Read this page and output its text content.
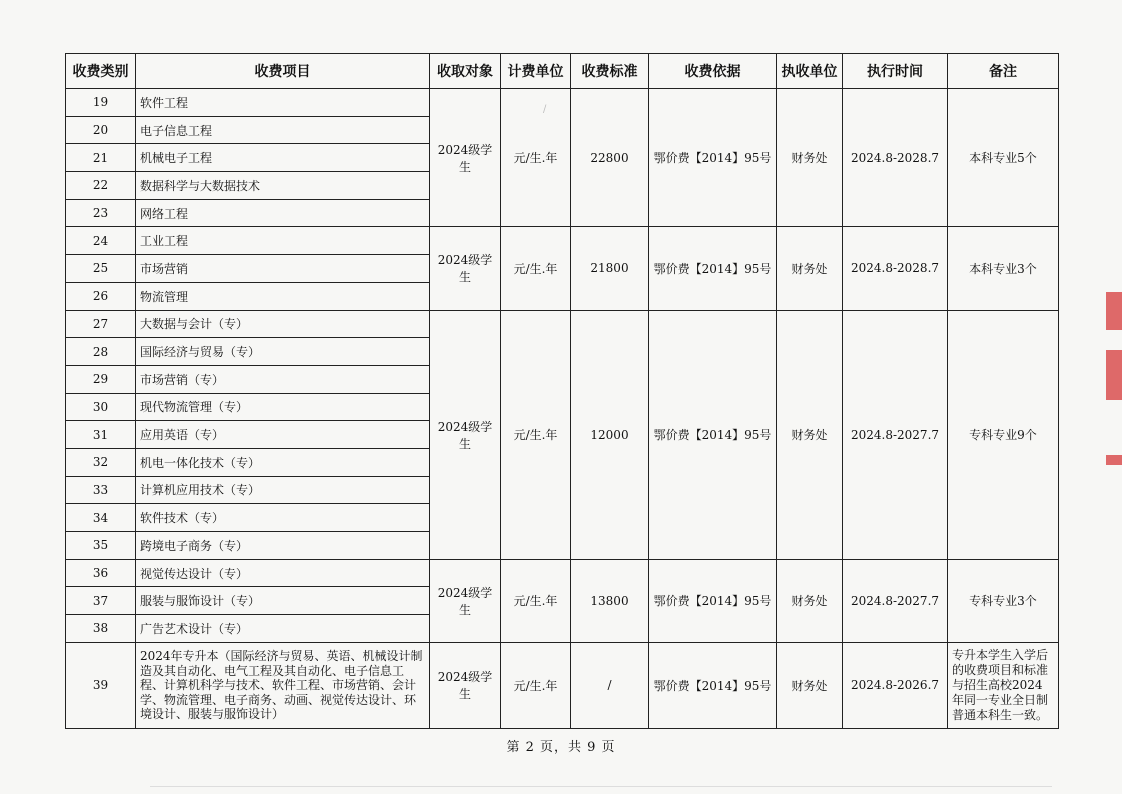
收费类别	收费项目	收取对象	计费单位	收费标准	收费依据	执收单位	执行时间	备注
19	软件工程	2024级学生	元/生.年	22800	鄂价费【2014】95号	财务处	2024.8-2028.7	本科专业5个
20	电子信息工程							
21	机械电子工程							
22	数据科学与大数据技术							
23	网络工程							
24	工业工程	2024级学生	元/生.年	21800	鄂价费【2014】95号	财务处	2024.8-2028.7	本科专业3个
25	市场营销							
26	物流管理							
27	大数据与会计（专）	2024级学生	元/生.年	12000	鄂价费【2014】95号	财务处	2024.8-2027.7	专科专业9个
28	国际经济与贸易（专）							
29	市场营销（专）							
30	现代物流管理（专）							
31	应用英语（专）							
32	机电一体化技术（专）							
33	计算机应用技术（专）							
34	软件技术（专）							
35	跨境电子商务（专）							
36	视觉传达设计（专）	2024级学生	元/生.年	13800	鄂价费【2014】95号	财务处	2024.8-2027.7	专科专业3个
37	服装与服饰设计（专）							
38	广告艺术设计（专）							
39	2024年专升本（国际经济与贸易、英语、机械设计制造及其自动化、电气工程及其自动化、电子信息工程、计算机科学与技术、软件工程、市场营销、会计学、物流管理、电子商务、动画、视觉传达设计、环境设计、服装与服饰设计）	2024级学生	元/生.年	/	鄂价费【2014】95号	财务处	2024.8-2026.7	专升本学生入学后的收费项目和标准与招生高校2024年同一专业全日制普通本科生一致。
第 2 页，共 9 页
/
